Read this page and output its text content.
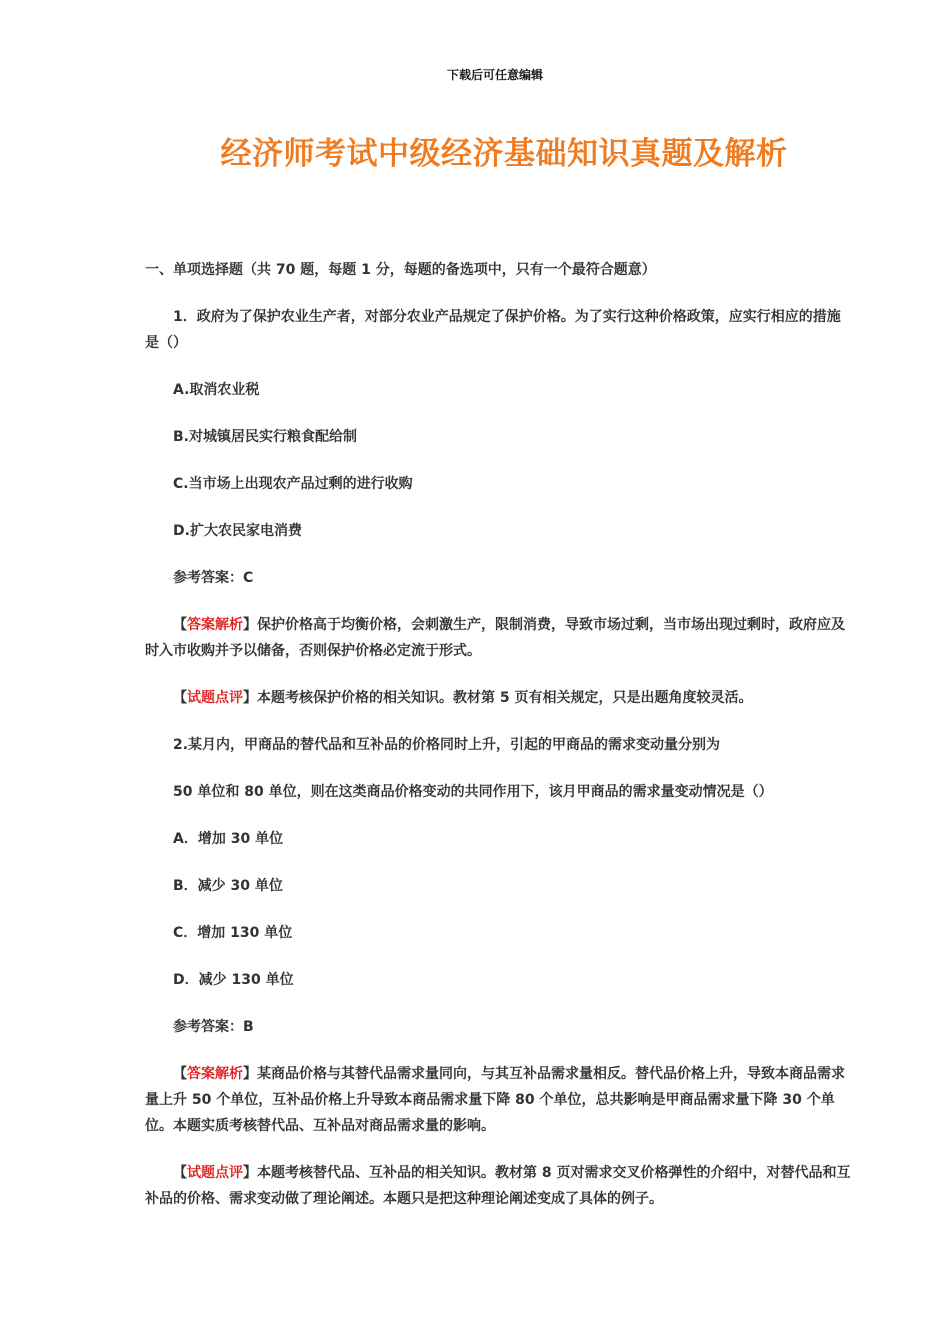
下载后可任意编辑
经济师考试中级经济基础知识真题及解析

一、单项选择题（共 70 题，每题 1 分，每题的备选项中，只有一个最符合题意）

1．政府为了保护农业生产者，对部分农业产品规定了保护价格。为了实行这种价格政策，应实行相应的措施是（）

A.取消农业税

B.对城镇居民实行粮食配给制

C.当市场上出现农产品过剩的进行收购

D.扩大农民家电消费

参考答案：C

【答案解析】保护价格高于均衡价格，会刺激生产，限制消费，导致市场过剩，当市场出现过剩时，政府应及时入市收购并予以储备，否则保护价格必定流于形式。

【试题点评】本题考核保护价格的相关知识。教材第 5 页有相关规定，只是出题角度较灵活。

2.某月内，甲商品的替代品和互补品的价格同时上升，引起的甲商品的需求变动量分别为

50 单位和 80 单位，则在这类商品价格变动的共同作用下，该月甲商品的需求量变动情况是（）

A．增加 30 单位

B．减少 30 单位

C．增加 130 单位

D．减少 130 单位

参考答案：B

【答案解析】某商品价格与其替代品需求量同向，与其互补品需求量相反。替代品价格上升，导致本商品需求量上升 50 个单位，互补品价格上升导致本商品需求量下降 80 个单位，总共影响是甲商品需求量下降 30 个单位。本题实质考核替代品、互补品对商品需求量的影响。

【试题点评】本题考核替代品、互补品的相关知识。教材第 8 页对需求交叉价格弹性的介绍中，对替代品和互补品的价格、需求变动做了理论阐述。本题只是把这种理论阐述变成了具体的例子。
